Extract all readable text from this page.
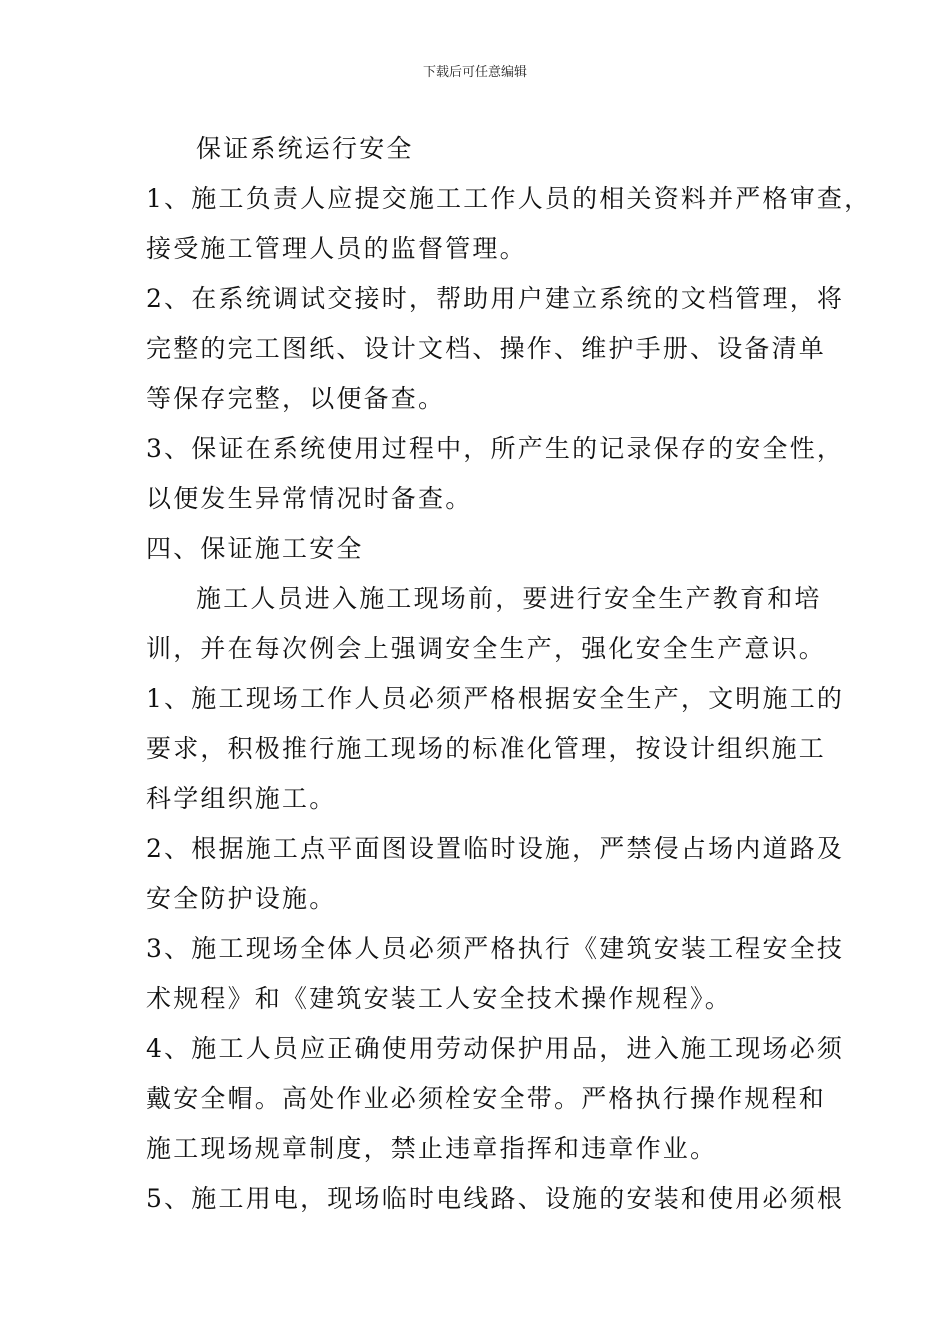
下载后可任意编辑
保证系统运行安全
1、施工负责人应提交施工工作人员的相关资料并严格审查，
接受施工管理人员的监督管理。
2、在系统调试交接时，帮助用户建立系统的文档管理，将
完整的完工图纸、设计文档、操作、维护手册、设备清单
等保存完整，以便备查。
3、保证在系统使用过程中，所产生的记录保存的安全性，
以便发生异常情况时备查。
四、保证施工安全
施工人员进入施工现场前，要进行安全生产教育和培
训，并在每次例会上强调安全生产，强化安全生产意识。
1、施工现场工作人员必须严格根据安全生产，文明施工的
要求，积极推行施工现场的标准化管理，按设计组织施工
科学组织施工。
2、根据施工点平面图设置临时设施，严禁侵占场内道路及
安全防护设施。
3、施工现场全体人员必须严格执行《建筑安装工程安全技
术规程》和《建筑安装工人安全技术操作规程》。
4、施工人员应正确使用劳动保护用品，进入施工现场必须
戴安全帽。高处作业必须栓安全带。严格执行操作规程和
施工现场规章制度，禁止违章指挥和违章作业。
5、施工用电，现场临时电线路、设施的安装和使用必须根
